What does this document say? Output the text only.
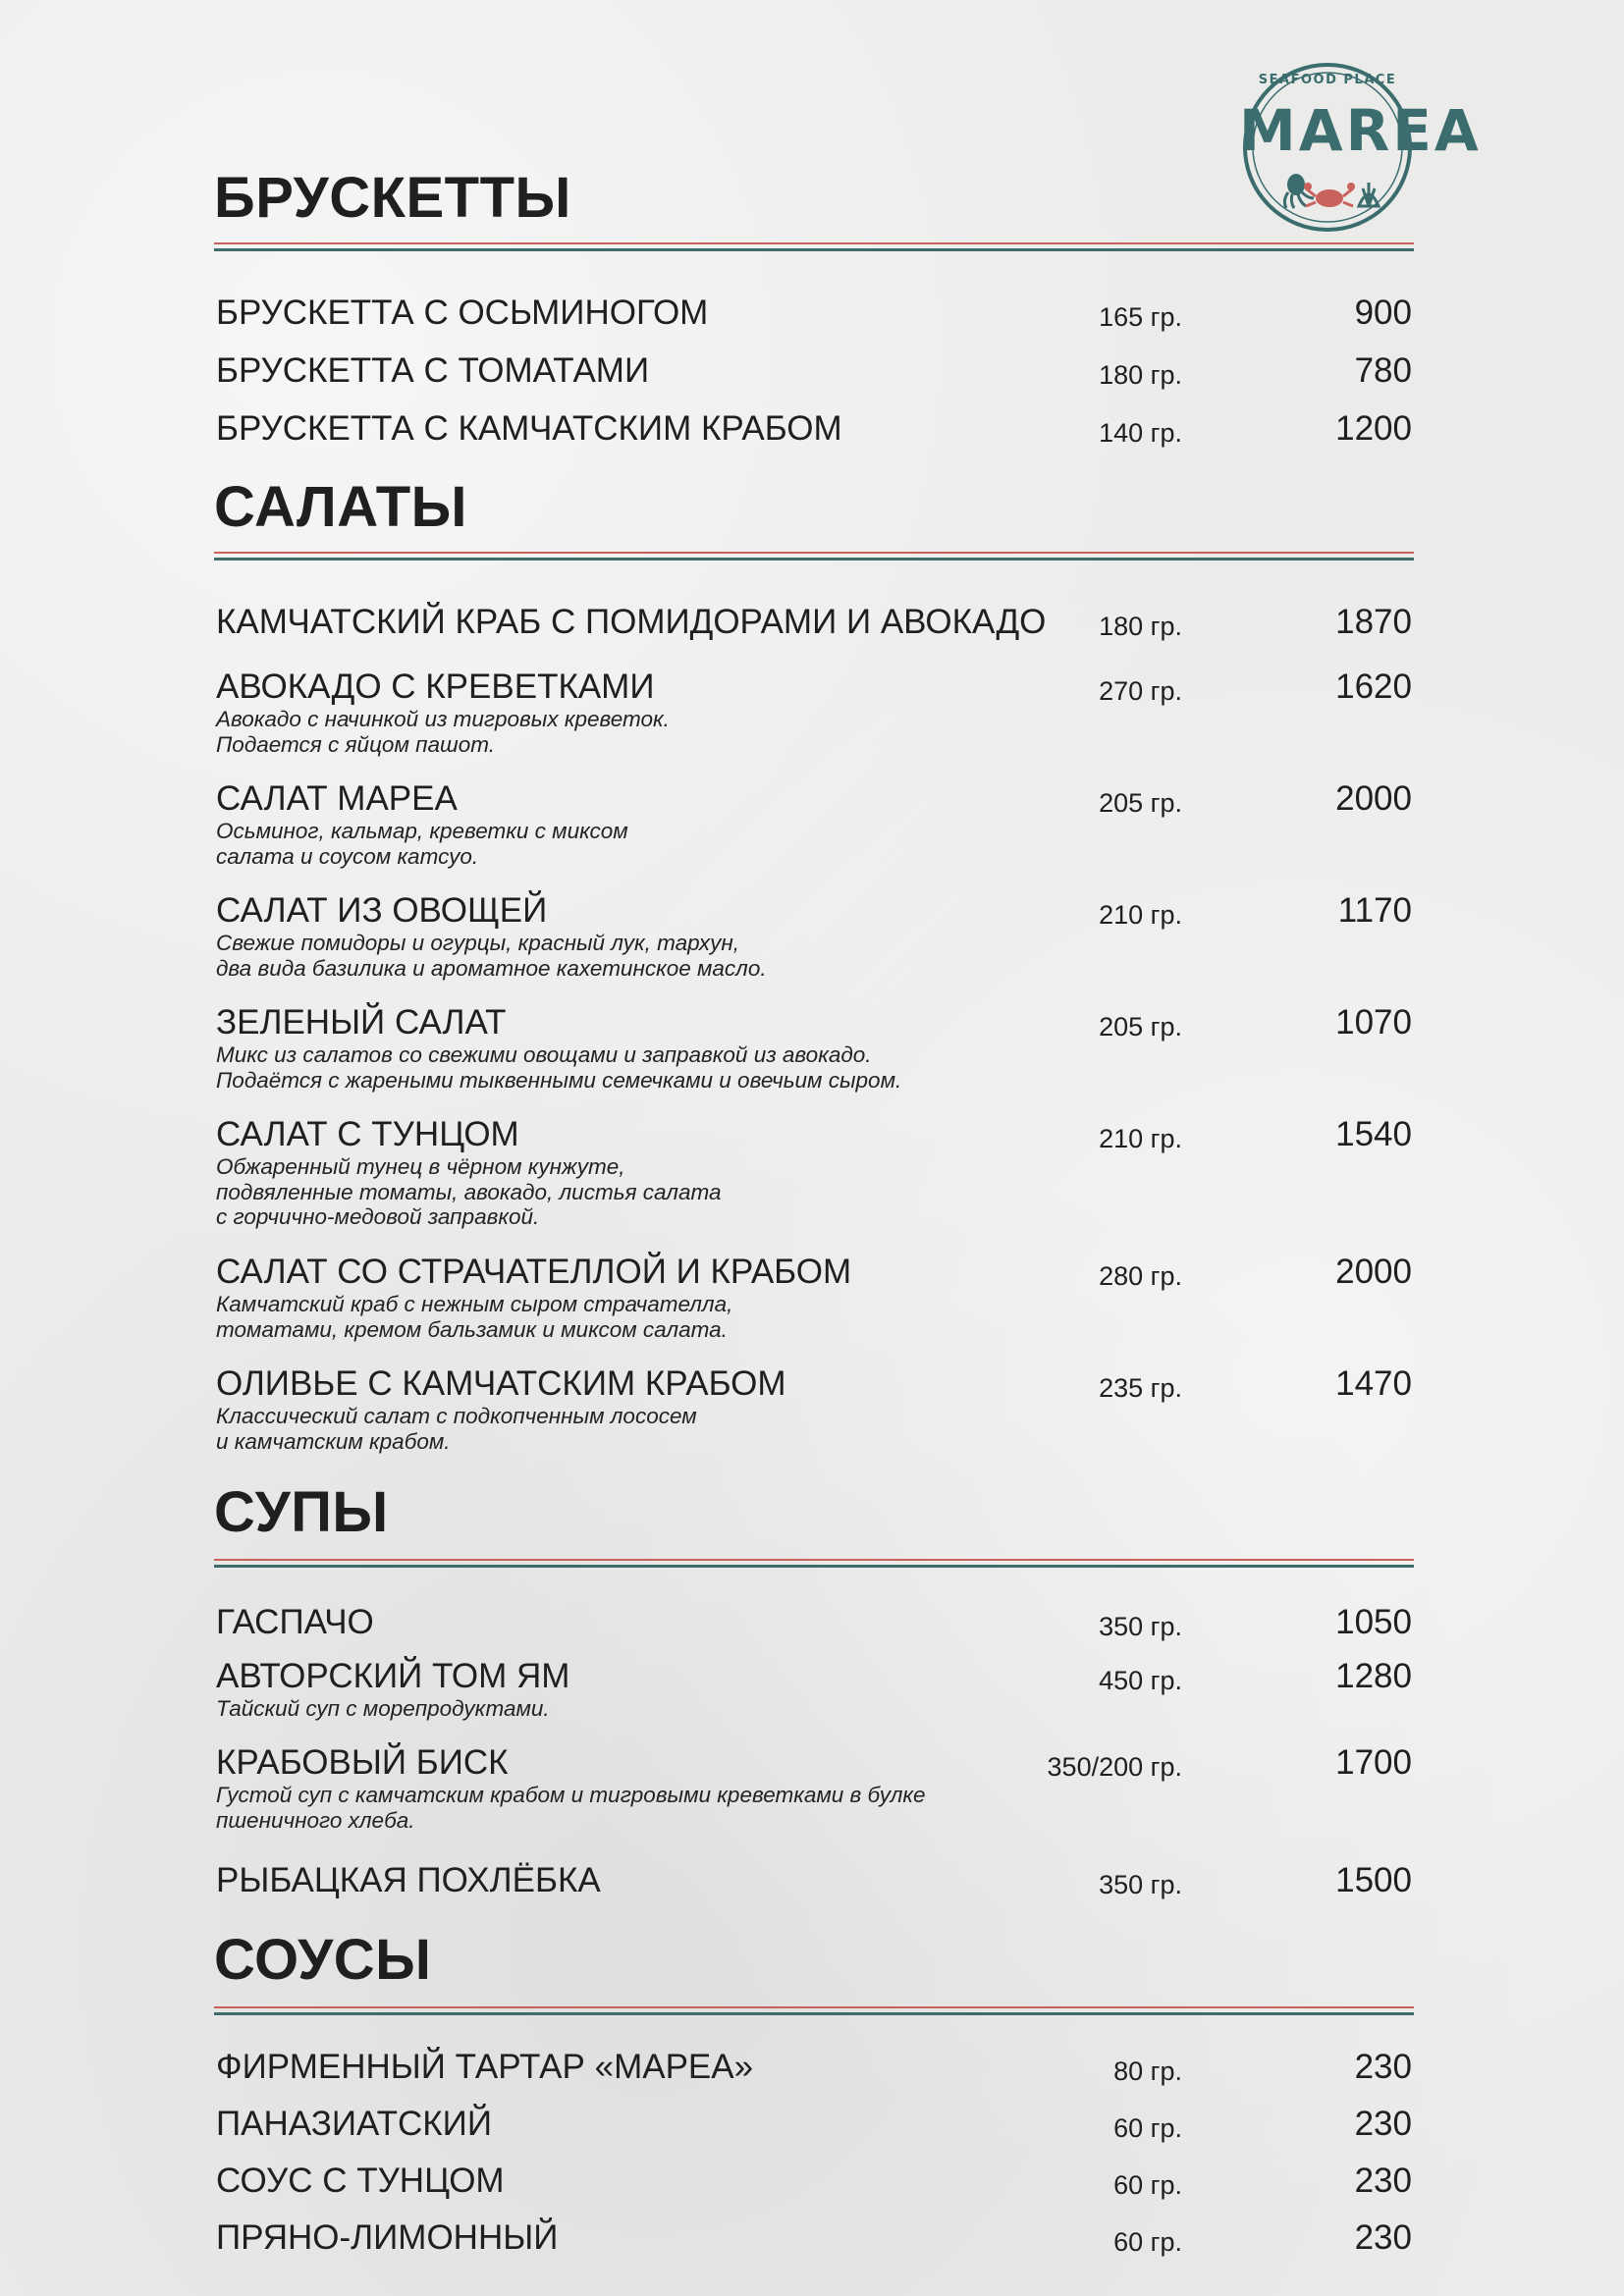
SEAFOOD PLACE
MAREA
БРУСКЕТТЫ
БРУСКЕТТА С ОСЬМИНОГОМ	165 гр.	900
БРУСКЕТТА С ТОМАТАМИ	180 гр.	780
БРУСКЕТТА С КАМЧАТСКИМ КРАБОМ	140 гр.	1200
САЛАТЫ
КАМЧАТСКИЙ КРАБ С ПОМИДОРАМИ И АВОКАДО 180 гр.	1870
АВОКАДО С КРЕВЕТКАМИ	270 гр.	1620
Авокадо с начинкой из тигровых креветок.
Подается с яйцом пашот.
САЛАТ МАРЕА	205 гр.	2000
Осьминог, кальмар, креветки с миксом
салата и соусом катсуо.
САЛАТ ИЗ ОВОЩЕЙ	210 гр.	1170
Свежие помидоры и огурцы, красный лук, тархун,
два вида базилика и ароматное кахетинское масло.
ЗЕЛЕНЫЙ САЛАТ	205 гр.	1070
Микс из салатов со свежими овощами и заправкой из авокадо.
Подаётся с жареными тыквенными семечками и овечьим сыром.
САЛАТ С ТУНЦОМ	210 гр.	1540
Обжаренный тунец в чёрном кунжуте,
подвяленные томаты, авокадо, листья салата
с горчично-медовой заправкой.
САЛАТ СО СТРАЧАТЕЛЛОЙ И КРАБОМ	280 гр.	2000
Камчатский краб с нежным сыром страчателла,
томатами, кремом бальзамик и миксом салата.
ОЛИВЬЕ С КАМЧАТСКИМ КРАБОМ	235 гр.	1470
Классический салат с подкопченным лососем
и камчатским крабом.
СУПЫ
ГАСПАЧО	350 гр.	1050
АВТОРСКИЙ ТОМ ЯМ	450 гр.	1280
Тайский суп с морепродуктами.
КРАБОВЫЙ БИСК	350/200 гр.	1700
Густой суп с камчатским крабом и тигровыми креветками в булке
пшеничного хлеба.
РЫБАЦКАЯ ПОХЛЁБКА	350 гр.	1500
СОУСЫ
ФИРМЕННЫЙ ТАРТАР «МАРЕА»	80 гр.	230
ПАНАЗИАТСКИЙ	60 гр.	230
СОУС С ТУНЦОМ	60 гр.	230
ПРЯНО-ЛИМОННЫЙ	60 гр.	230
